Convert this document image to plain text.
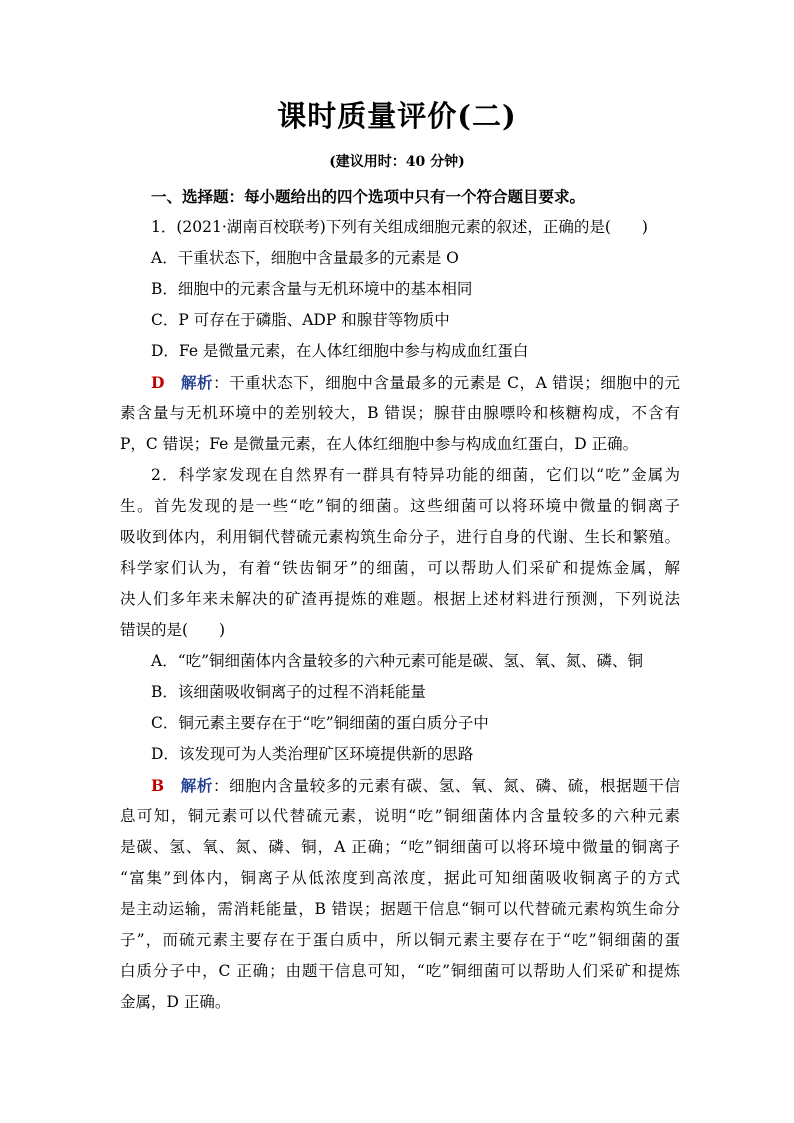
课时质量评价(二)
(建议用时：40 分钟)
一、选择题：每小题给出的四个选项中只有一个符合题目要求。
1．(2021·湖南百校联考)下列有关组成细胞元素的叙述，正确的是(　　)
A．干重状态下，细胞中含量最多的元素是 O
B．细胞中的元素含量与无机环境中的基本相同
C．P 可存在于磷脂、ADP 和腺苷等物质中
D．Fe 是微量元素，在人体红细胞中参与构成血红蛋白
D 解析：干重状态下，细胞中含量最多的元素是 C，A 错误；细胞中的元
素含量与无机环境中的差别较大，B 错误；腺苷由腺嘌呤和核糖构成，不含有
P，C 错误；Fe 是微量元素，在人体红细胞中参与构成血红蛋白，D 正确。
2．科学家发现在自然界有一群具有特异功能的细菌，它们以“吃”金属为
生。首先发现的是一些“吃”铜的细菌。这些细菌可以将环境中微量的铜离子
吸收到体内，利用铜代替硫元素构筑生命分子，进行自身的代谢、生长和繁殖。
科学家们认为，有着“铁齿铜牙”的细菌，可以帮助人们采矿和提炼金属，解
决人们多年来未解决的矿渣再提炼的难题。根据上述材料进行预测，下列说法
错误的是(　　)
A．“吃”铜细菌体内含量较多的六种元素可能是碳、氢、氧、氮、磷、铜
B．该细菌吸收铜离子的过程不消耗能量
C．铜元素主要存在于“吃”铜细菌的蛋白质分子中
D．该发现可为人类治理矿区环境提供新的思路
B 解析：细胞内含量较多的元素有碳、氢、氧、氮、磷、硫，根据题干信
息可知，铜元素可以代替硫元素，说明“吃”铜细菌体内含量较多的六种元素
是碳、氢、氧、氮、磷、铜，A 正确；“吃”铜细菌可以将环境中微量的铜离子
“富集”到体内，铜离子从低浓度到高浓度，据此可知细菌吸收铜离子的方式
是主动运输，需消耗能量，B 错误；据题干信息“铜可以代替硫元素构筑生命分
子”，而硫元素主要存在于蛋白质中，所以铜元素主要存在于“吃”铜细菌的蛋
白质分子中，C 正确；由题干信息可知，“吃”铜细菌可以帮助人们采矿和提炼
金属，D 正确。
